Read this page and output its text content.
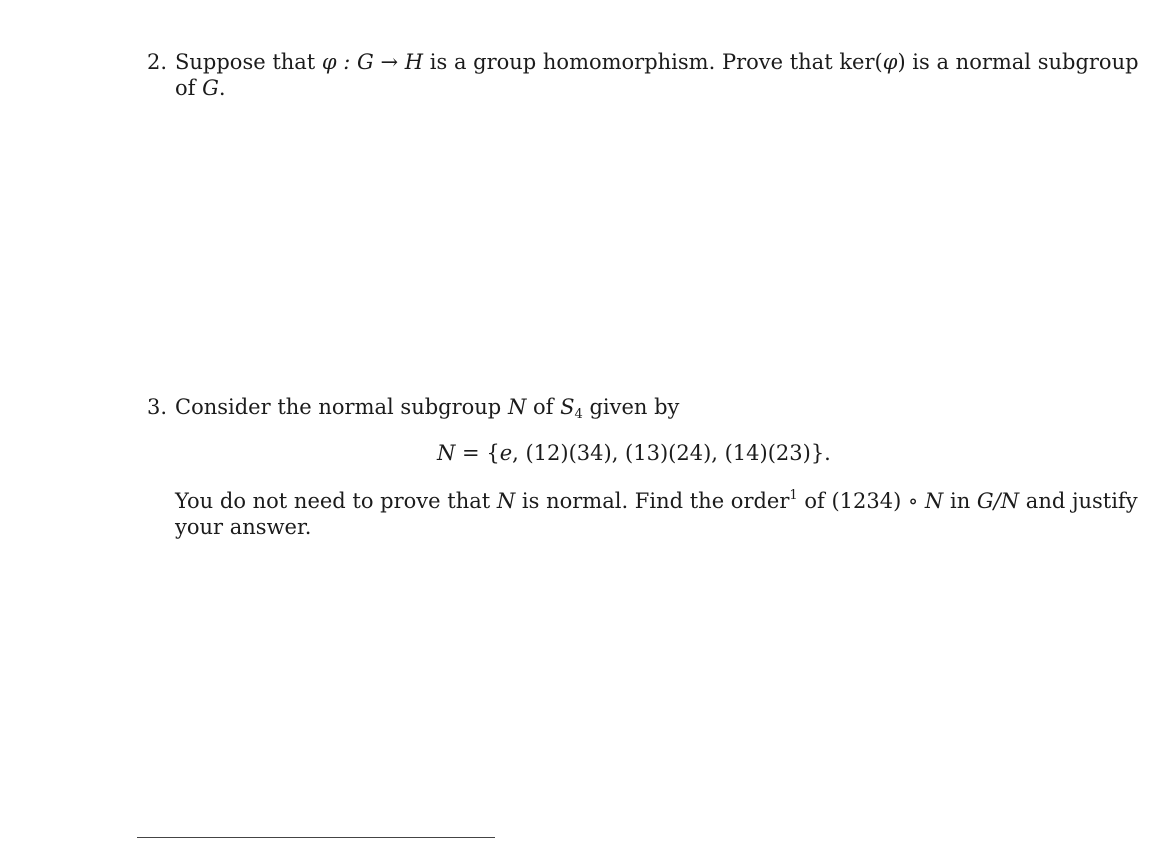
2. Suppose that φ : G → H is a group homomorphism. Prove that ker(φ) is a normal subgroup
of G.
3. Consider the normal subgroup N of $S_4$ given by
N = {e, (12)(34), (13)(24), (14)(23)}.
You do not need to prove that N is normal. Find the order$^1$ of (1234) ∘ N in G/N and justify
your answer.
